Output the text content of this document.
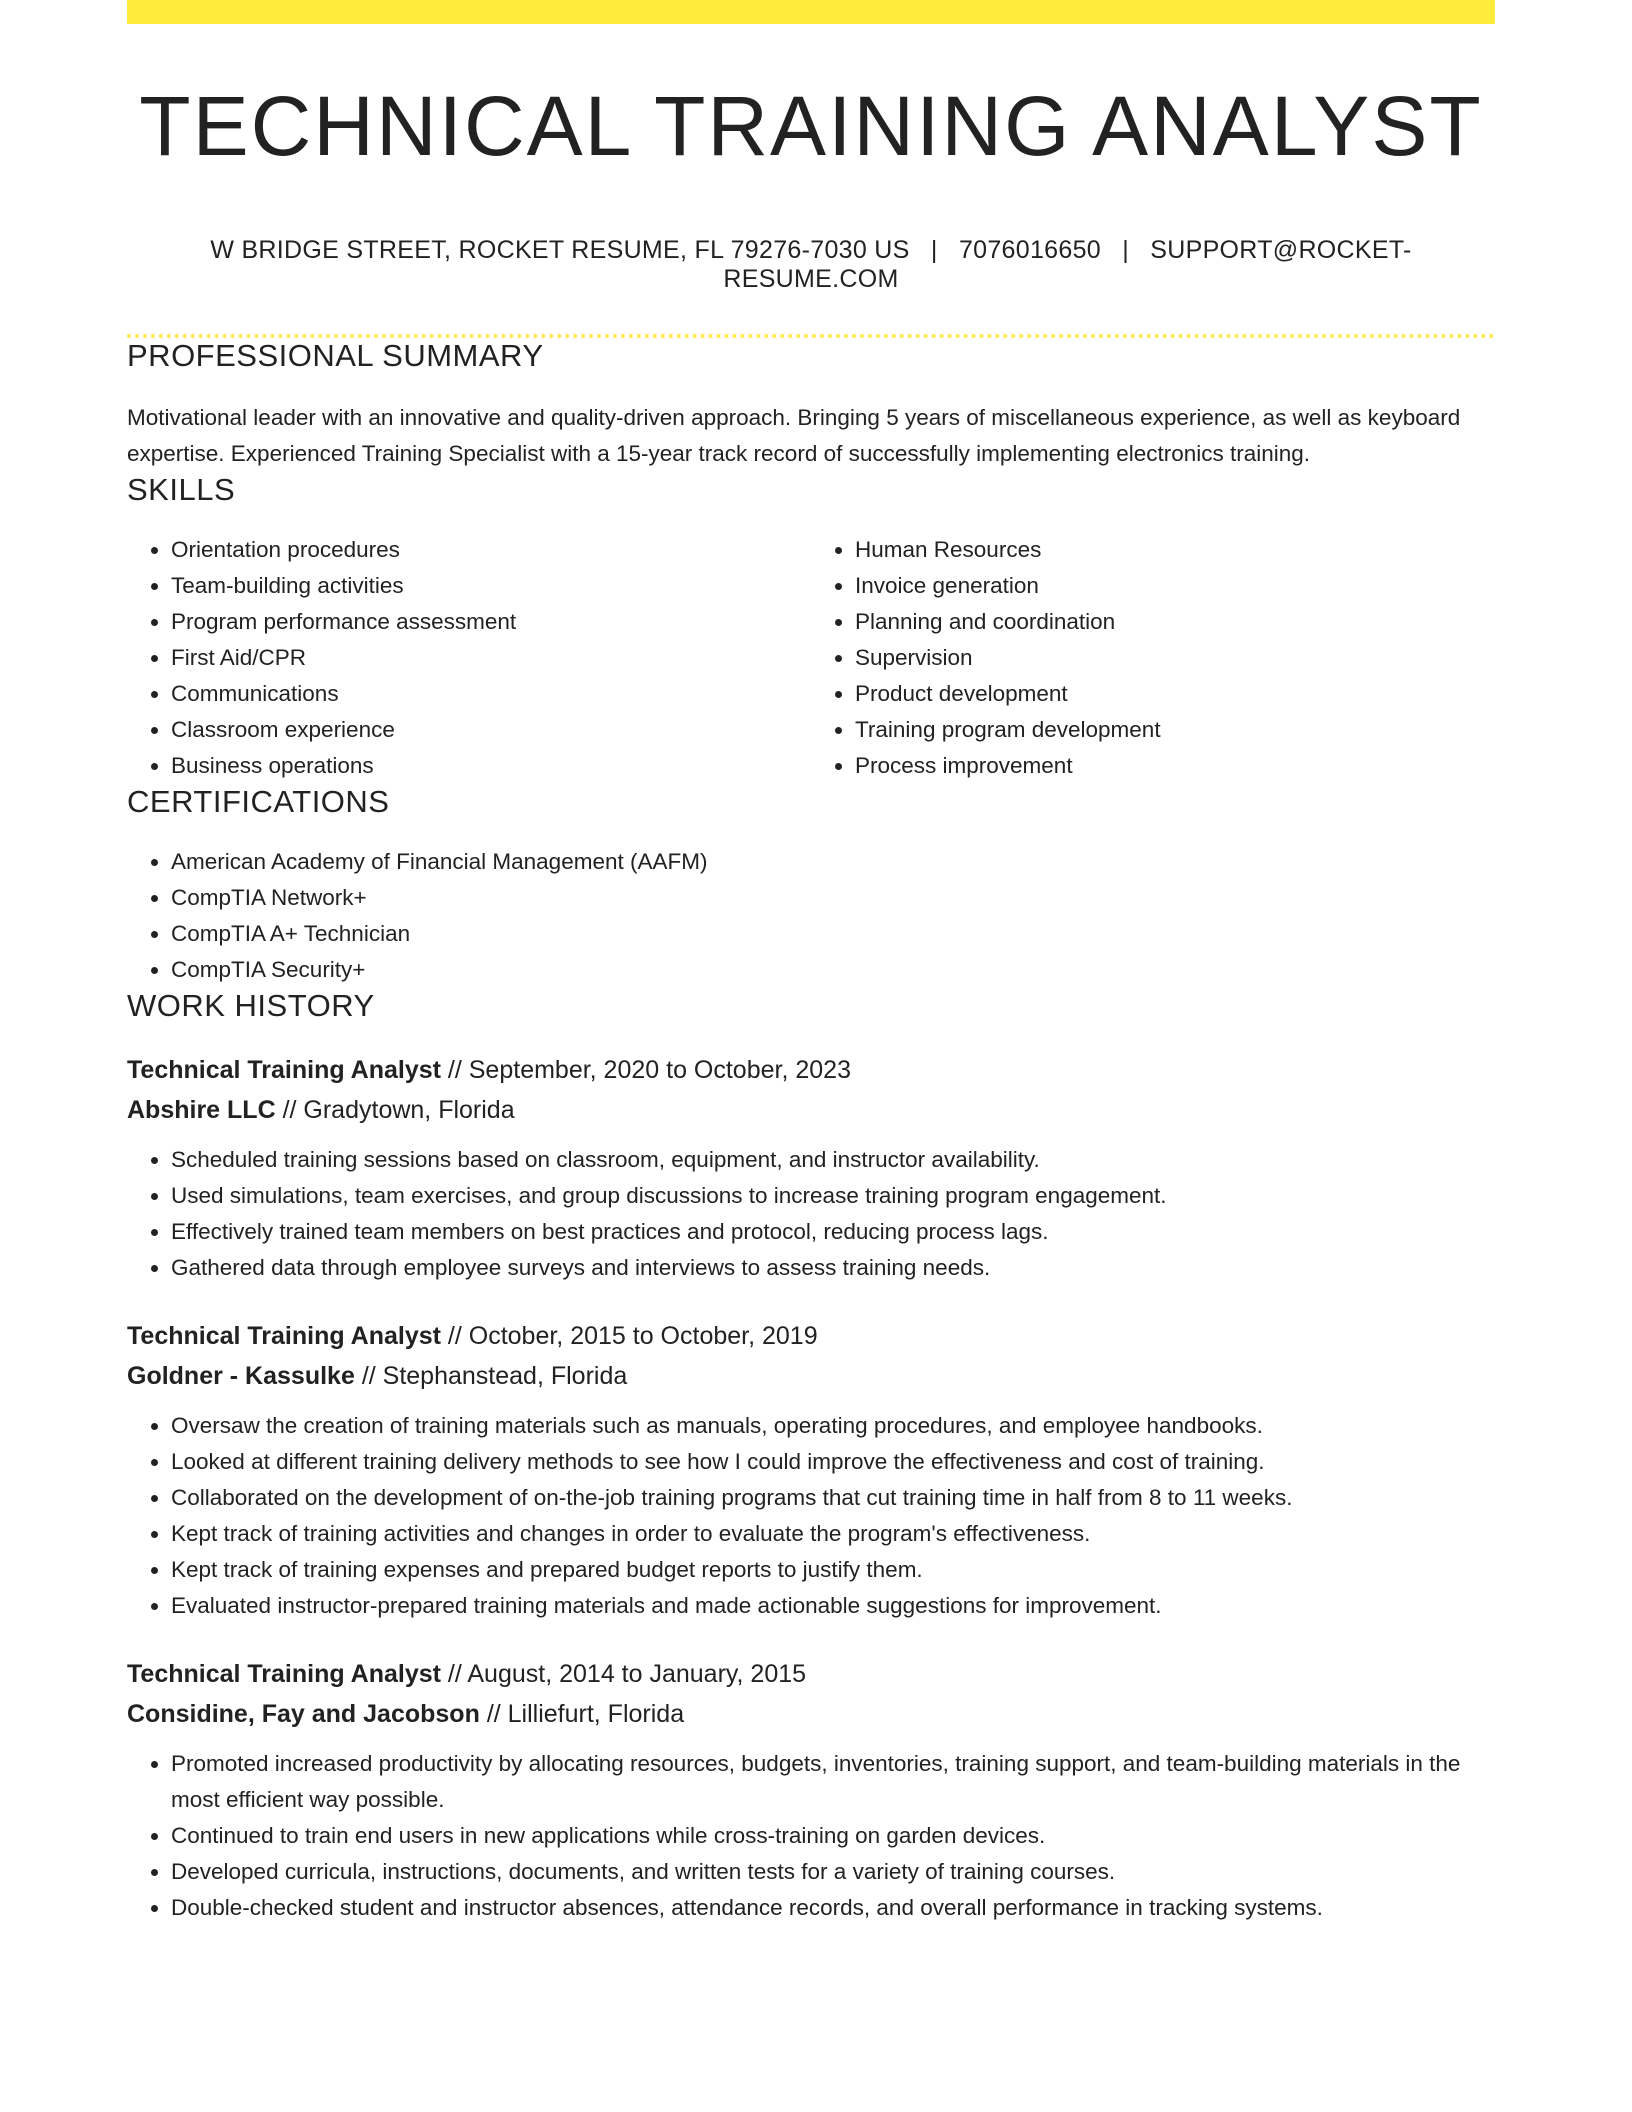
TECHNICAL TRAINING ANALYST
W BRIDGE STREET, ROCKET RESUME, FL 79276-7030 US | 7076016650 | SUPPORT@ROCKET-RESUME.COM
PROFESSIONAL SUMMARY

Motivational leader with an innovative and quality-driven approach. Bringing 5 years of miscellaneous experience, as well as keyboard expertise. Experienced Training Specialist with a 15-year track record of successfully implementing electronics training.

SKILLS
• Orientation procedures
• Team-building activities
• Program performance assessment
• First Aid/CPR
• Communications
• Classroom experience
• Business operations
• Human Resources
• Invoice generation
• Planning and coordination
• Supervision
• Product development
• Training program development
• Process improvement
CERTIFICATIONS
• American Academy of Financial Management (AAFM)
• CompTIA Network+
• CompTIA A+ Technician
• CompTIA Security+
WORK HISTORY
Technical Training Analyst // September, 2020 to October, 2023
Abshire LLC // Gradytown, Florida
• Scheduled training sessions based on classroom, equipment, and instructor availability.
• Used simulations, team exercises, and group discussions to increase training program engagement.
• Effectively trained team members on best practices and protocol, reducing process lags.
• Gathered data through employee surveys and interviews to assess training needs.
Technical Training Analyst // October, 2015 to October, 2019
Goldner - Kassulke // Stephanstead, Florida
• Oversaw the creation of training materials such as manuals, operating procedures, and employee handbooks.
• Looked at different training delivery methods to see how I could improve the effectiveness and cost of training.
• Collaborated on the development of on-the-job training programs that cut training time in half from 8 to 11 weeks.
• Kept track of training activities and changes in order to evaluate the program's effectiveness.
• Kept track of training expenses and prepared budget reports to justify them.
• Evaluated instructor-prepared training materials and made actionable suggestions for improvement.
Technical Training Analyst // August, 2014 to January, 2015
Considine, Fay and Jacobson // Lilliefurt, Florida
• Promoted increased productivity by allocating resources, budgets, inventories, training support, and team-building materials in the most efficient way possible.
• Continued to train end users in new applications while cross-training on garden devices.
• Developed curricula, instructions, documents, and written tests for a variety of training courses.
• Double-checked student and instructor absences, attendance records, and overall performance in tracking systems.
